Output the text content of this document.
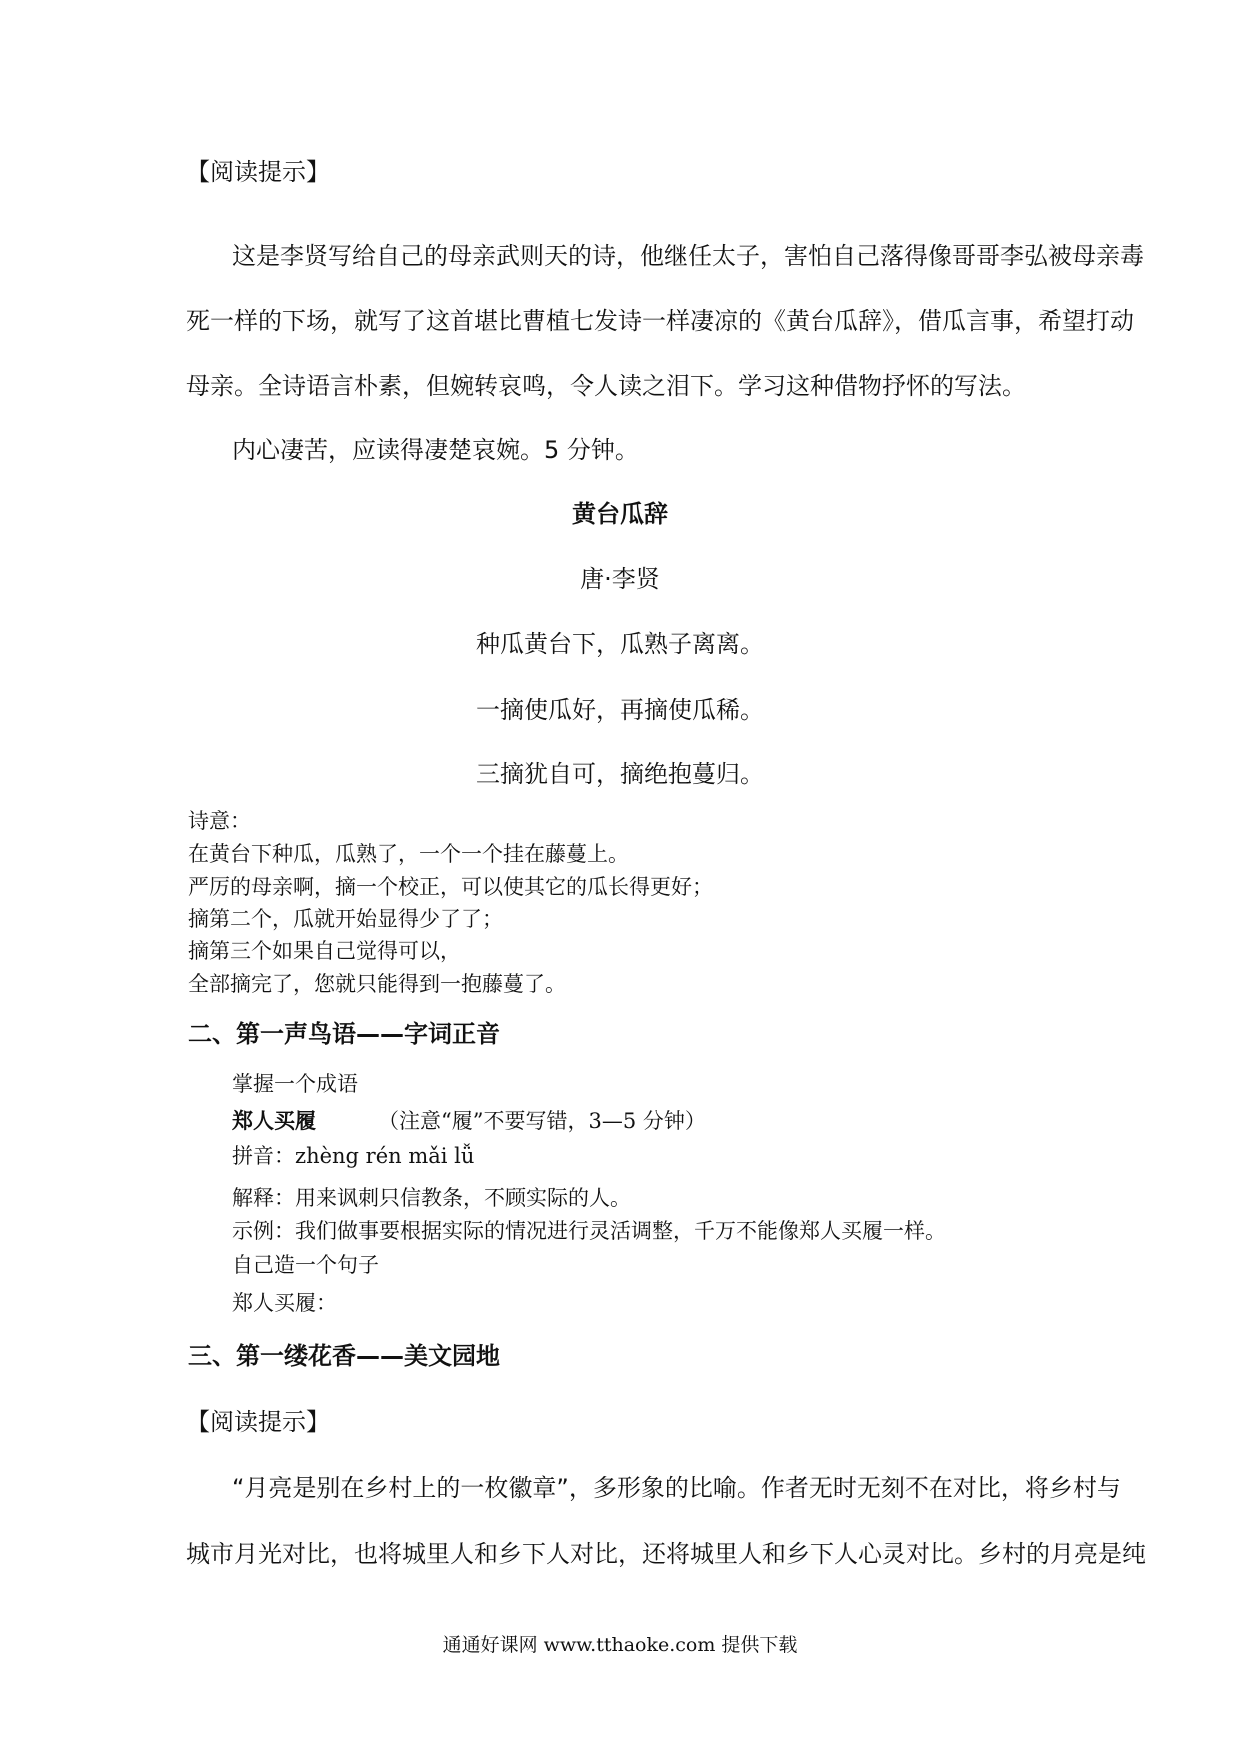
【阅读提示】
这是李贤写给自己的母亲武则天的诗，他继任太子，害怕自己落得像哥哥李弘被母亲毒
死一样的下场，就写了这首堪比曹植七发诗一样凄凉的《黄台瓜辞》，借瓜言事，希望打动
母亲。全诗语言朴素，但婉转哀鸣，令人读之泪下。学习这种借物抒怀的写法。
内心凄苦，应读得凄楚哀婉。5 分钟。
黄台瓜辞
唐·李贤
种瓜黄台下，瓜熟子离离。
一摘使瓜好，再摘使瓜稀。
三摘犹自可，摘绝抱蔓归。
诗意：
在黄台下种瓜，瓜熟了，一个一个挂在藤蔓上。
严厉的母亲啊，摘一个校正，可以使其它的瓜长得更好；
摘第二个，瓜就开始显得少了了；
摘第三个如果自己觉得可以，
全部摘完了，您就只能得到一抱藤蔓了。
二、第一声鸟语——字词正音
掌握一个成语
郑人买履	（注意“履”不要写错，3—5 分钟）
拼音：zhèng rén mǎi lǚ
解释：用来讽刺只信教条，不顾实际的人。
示例：我们做事要根据实际的情况进行灵活调整，千万不能像郑人买履一样。
自己造一个句子
郑人买履：
三、第一缕花香——美文园地
【阅读提示】
“月亮是别在乡村上的一枚徽章”，多形象的比喻。作者无时无刻不在对比，将乡村与
城市月光对比，也将城里人和乡下人对比，还将城里人和乡下人心灵对比。乡村的月亮是纯
通通好课网 www.tthaoke.com 提供下载
